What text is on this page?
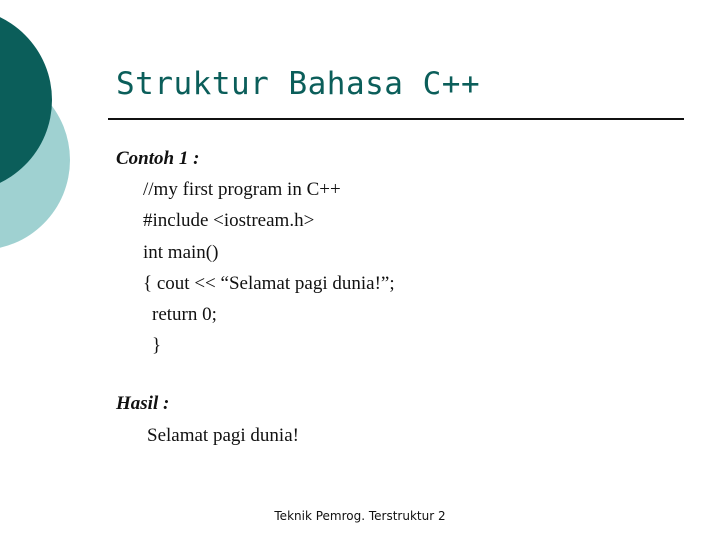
Struktur Bahasa C++
Contoh 1 :
//my first program in C++
#include <iostream.h>
int main()
{ cout << “Selamat pagi dunia!”;
return 0;
}
Hasil :
Selamat pagi dunia!
Teknik Pemrog. Terstruktur 2
